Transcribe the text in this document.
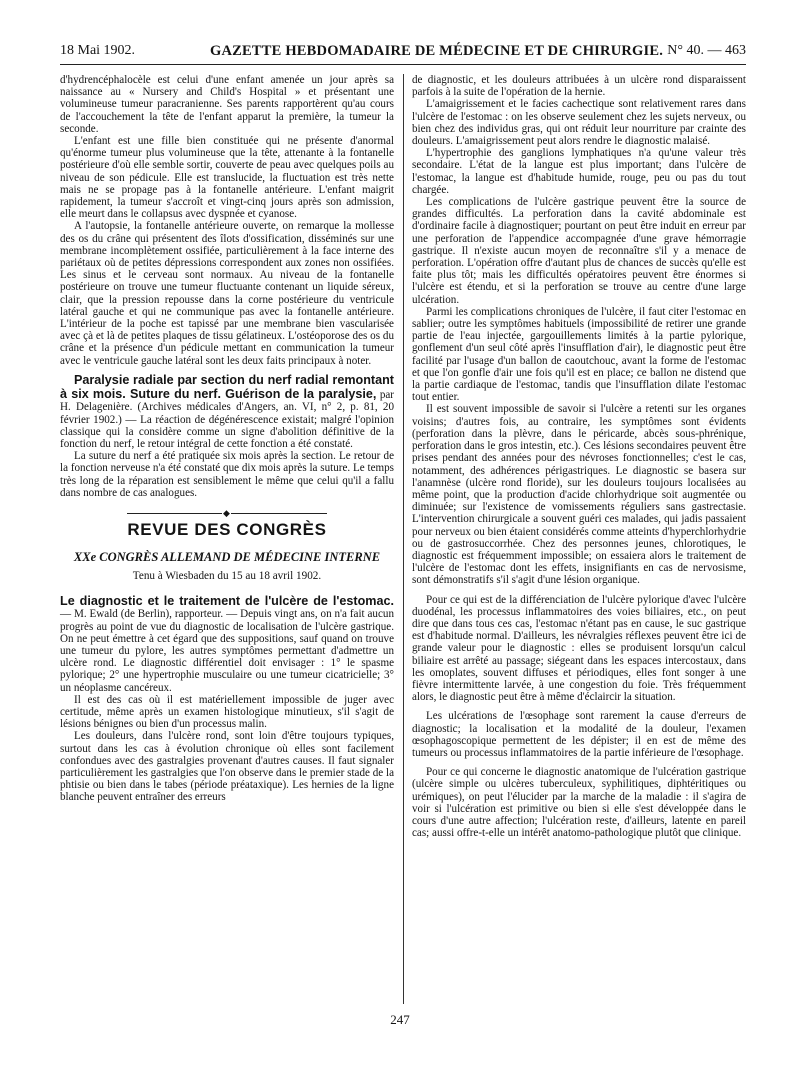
18 Mai 1902.	GAZETTE HEBDOMADAIRE DE MÉDECINE ET DE CHIRURGIE. N° 40. — 463

d'hydrencéphalocèle est celui d'une enfant amenée un jour après sa naissance au « Nursery and Child's Hospital » et présentant une volumineuse tumeur paracranienne. Ses parents rapportèrent qu'au cours de l'accouchement la tête de l'enfant apparut la première, la tumeur la seconde.

L'enfant est une fille bien constituée qui ne présente d'anormal qu'énorme tumeur plus volumineuse que la tête, attenante à la fontanelle postérieure d'où elle semble sortir, couverte de peau avec quelques poils au niveau de son pédicule. Elle est translucide, la fluctuation est très nette mais ne se propage pas à la fontanelle antérieure. L'enfant maigrit rapidement, la tumeur s'accroît et vingt-cinq jours après son admission, elle meurt dans le collapsus avec dyspnée et cyanose.

A l'autopsie, la fontanelle antérieure ouverte, on remarque la mollesse des os du crâne qui présentent des îlots d'ossification, disséminés sur une membrane incomplètement ossifiée, particulièrement à la face interne des pariétaux où de petites dépressions correspondent aux zones non ossifiées. Les sinus et le cerveau sont normaux. Au niveau de la fontanelle postérieure on trouve une tumeur fluctuante contenant un liquide séreux, clair, que la pression repousse dans la corne postérieure du ventricule latéral gauche et qui ne communique pas avec la fontanelle antérieure. L'intérieur de la poche est tapissé par une membrane bien vascularisée avec çà et là de petites plaques de tissu gélatineux. L'ostéoporose des os du crâne et la présence d'un pédicule mettant en communication la tumeur avec le ventricule gauche latéral sont les deux faits principaux à noter.

Paralysie radiale par section du nerf radial remontant à six mois. Suture du nerf. Guérison de la paralysie, par H. Delagenière. (Archives médicales d'Angers, an. VI, n° 2, p. 81, 20 février 1902.) — La réaction de dégénérescence existait; malgré l'opinion classique qui la considère comme un signe d'abolition définitive de la fonction du nerf, le retour intégral de cette fonction a été constaté.

La suture du nerf a été pratiquée six mois après la section. Le retour de la fonction nerveuse n'a été constaté que dix mois après la suture. Le temps très long de la réparation est sensiblement le même que celui qu'il a fallu dans nombre de cas analogues.

◆
REVUE DES CONGRÈS
XXe CONGRÈS ALLEMAND DE MÉDECINE INTERNE
Tenu à Wiesbaden du 15 au 18 avril 1902.

Le diagnostic et le traitement de l'ulcère de l'estomac. — M. Ewald (de Berlin), rapporteur. — Depuis vingt ans, on n'a fait aucun progrès au point de vue du diagnostic de localisation de l'ulcère gastrique. On ne peut émettre à cet égard que des suppositions, sauf quand on trouve une tumeur du pylore, les autres symptômes permettant d'admettre un ulcère rond. Le diagnostic différentiel doit envisager : 1° le spasme pylorique; 2° une hypertrophie musculaire ou une tumeur cicatricielle; 3° un néoplasme cancéreux.

Il est des cas où il est matériellement impossible de juger avec certitude, même après un examen histologique minutieux, s'il s'agit de lésions bénignes ou bien d'un processus malin.

Les douleurs, dans l'ulcère rond, sont loin d'être toujours typiques, surtout dans les cas à évolution chronique où elles sont facilement confondues avec des gastralgies provenant d'autres causes. Il faut signaler particulièrement les gastralgies que l'on observe dans le premier stade de la phtisie ou bien dans le tabes (période préataxique). Les hernies de la ligne blanche peuvent entraîner des erreurs

de diagnostic, et les douleurs attribuées à un ulcère rond disparaissent parfois à la suite de l'opération de la hernie.

L'amaigrissement et le facies cachectique sont relativement rares dans l'ulcère de l'estomac : on les observe seulement chez les sujets nerveux, ou bien chez des individus gras, qui ont réduit leur nourriture par crainte des douleurs. L'amaigrissement peut alors rendre le diagnostic malaisé.

L'hypertrophie des ganglions lymphatiques n'a qu'une valeur très secondaire. L'état de la langue est plus important; dans l'ulcère de l'estomac, la langue est d'habitude humide, rouge, peu ou pas du tout chargée.

Les complications de l'ulcère gastrique peuvent être la source de grandes difficultés. La perforation dans la cavité abdominale est d'ordinaire facile à diagnostiquer; pourtant on peut être induit en erreur par une perforation de l'appendice accompagnée d'une grave hémorragie gastrique. Il n'existe aucun moyen de reconnaître s'il y a menace de perforation. L'opération offre d'autant plus de chances de succès qu'elle est faite plus tôt; mais les difficultés opératoires peuvent être énormes si l'ulcère est étendu, et si la perforation se trouve au centre d'une large ulcération.

Parmi les complications chroniques de l'ulcère, il faut citer l'estomac en sablier; outre les symptômes habituels (impossibilité de retirer une grande partie de l'eau injectée, gargouillements limités à la partie pylorique, gonflement d'un seul côté après l'insufflation d'air), le diagnostic peut être facilité par l'usage d'un ballon de caoutchouc, avant la forme de l'estomac et que l'on gonfle d'air une fois qu'il est en place; ce ballon ne distend que la partie cardiaque de l'estomac, tandis que l'insufflation dilate l'estomac tout entier.

Il est souvent impossible de savoir si l'ulcère a retenti sur les organes voisins; d'autres fois, au contraire, les symptômes sont évidents (perforation dans la plèvre, dans le péricarde, abcès sous-phrénique, perforation dans le gros intestin, etc.). Ces lésions secondaires peuvent être prises pendant des années pour des névroses fonctionnelles; c'est le cas, notamment, des adhérences périgastriques. Le diagnostic se basera sur l'anamnèse (ulcère rond floride), sur les douleurs toujours localisées au même point, que la production d'acide chlorhydrique soit augmentée ou diminuée; sur l'existence de vomissements réguliers sans gastrectasie. L'intervention chirurgicale a souvent guéri ces malades, qui jadis passaient pour nerveux ou bien étaient considérés comme atteints d'hyperchlorhydrie ou de gastrosuccorrhée. Chez des personnes jeunes, chlorotiques, le diagnostic est fréquemment impossible; on essaiera alors le traitement de l'ulcère de l'estomac dont les effets, insignifiants en cas de nervosisme, sont démonstratifs s'il s'agit d'une lésion organique.

Pour ce qui est de la différenciation de l'ulcère pylorique d'avec l'ulcère duodénal, les processus inflammatoires des voies biliaires, etc., on peut dire que dans tous ces cas, l'estomac n'étant pas en cause, le suc gastrique est d'habitude normal. D'ailleurs, les névralgies réflexes peuvent être ici de grande valeur pour le diagnostic : elles se produisent lorsqu'un calcul biliaire est arrêté au passage; siégeant dans les espaces intercostaux, dans les omoplates, souvent diffuses et périodiques, elles font songer à une fièvre intermittente larvée, à une congestion du foie. Très fréquemment alors, le diagnostic peut être à même d'éclaircir la situation.

Les ulcérations de l'œsophage sont rarement la cause d'erreurs de diagnostic; la localisation et la modalité de la douleur, l'examen œsophagoscopique permettent de les dépister; il en est de même des tumeurs ou processus inflammatoires de la partie inférieure de l'œsophage.

Pour ce qui concerne le diagnostic anatomique de l'ulcération gastrique (ulcère simple ou ulcères tuberculeux, syphilitiques, diphtéritiques ou urémiques), on peut l'élucider par la marche de la maladie : il s'agira de voir si l'ulcération est primitive ou bien si elle s'est développée dans le cours d'une autre affection; l'ulcération reste, d'ailleurs, latente en pareil cas; aussi offre-t-elle un intérêt anatomo-pathologique plutôt que clinique.

247
